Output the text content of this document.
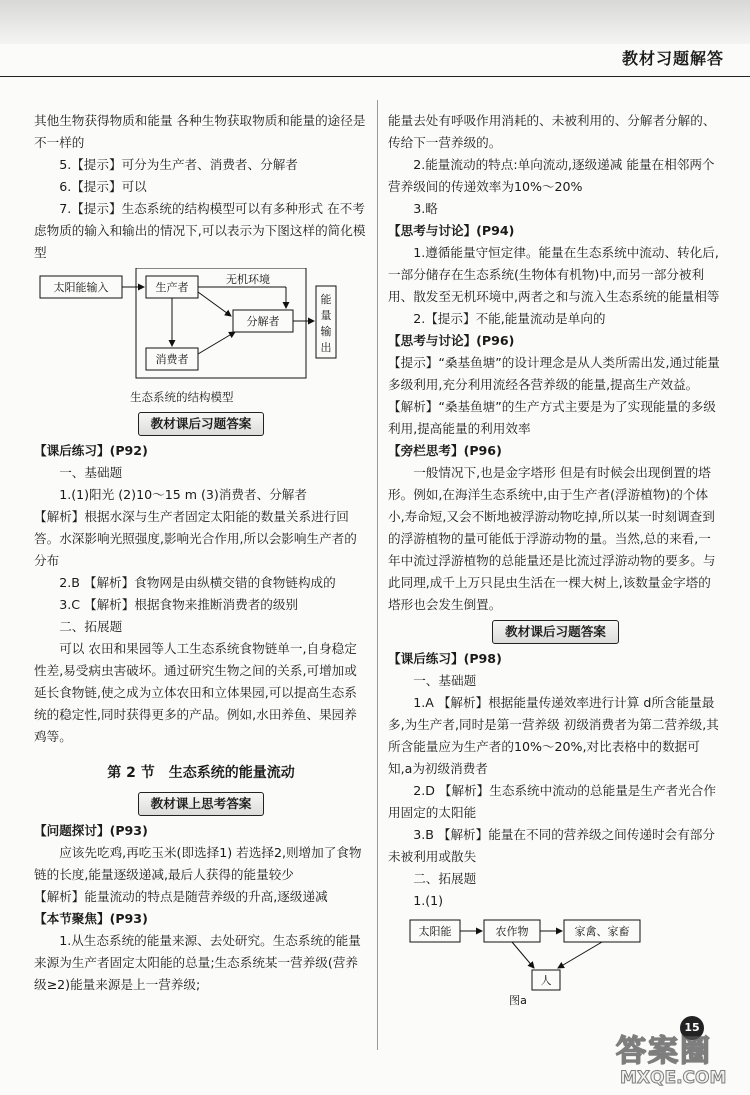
教材习题解答

其他生物获得物质和能量 各种生物获取物质和能量的途径是不一样的

5.【提示】可分为生产者、消费者、分解者

6.【提示】可以

7.【提示】生态系统的结构模型可以有多种形式 在不考虑物质的输入和输出的情况下,可以表示为下图这样的简化模型

太阳能输入	生产者
无机环境
分解者
消费者
能
量
输
出

生态系统的结构模型

教材课后习题答案

【课后练习】(P92)

一、基础题

1.(1)阳光 (2)10～15 m (3)消费者、分解者

【解析】根据水深与生产者固定太阳能的数量关系进行回答。水深影响光照强度,影响光合作用,所以会影响生产者的分布

2.B 【解析】食物网是由纵横交错的食物链构成的

3.C 【解析】根据食物来推断消费者的级别

二、拓展题

可以 农田和果园等人工生态系统食物链单一,自身稳定性差,易受病虫害破坏。通过研究生物之间的关系,可增加或延长食物链,使之成为立体农田和立体果园,可以提高生态系统的稳定性,同时获得更多的产品。例如,水田养鱼、果园养鸡等。

第 2 节　生态系统的能量流动

教材课上思考答案

【问题探讨】(P93)

应该先吃鸡,再吃玉米(即选择1) 若选择2,则增加了食物链的长度,能量逐级递减,最后人获得的能量较少

【解析】能量流动的特点是随营养级的升高,逐级递减

【本节聚焦】(P93)

1.从生态系统的能量来源、去处研究。生态系统的能量来源为生产者固定太阳能的总量;生态系统某一营养级(营养级≥2)能量来源是上一营养级;

能量去处有呼吸作用消耗的、未被利用的、分解者分解的、传给下一营养级的。

2.能量流动的特点:单向流动,逐级递减 能量在相邻两个营养级间的传递效率为10%～20%

3.略

【思考与讨论】(P94)

1.遵循能量守恒定律。能量在生态系统中流动、转化后,一部分储存在生态系统(生物体有机物)中,而另一部分被利用、散发至无机环境中,两者之和与流入生态系统的能量相等

2.【提示】不能,能量流动是单向的

【思考与讨论】(P96)

【提示】“桑基鱼塘”的设计理念是从人类所需出发,通过能量多级利用,充分利用流经各营养级的能量,提高生产效益。

【解析】“桑基鱼塘”的生产方式主要是为了实现能量的多级利用,提高能量的利用效率

【旁栏思考】(P96)

一般情况下,也是金字塔形 但是有时候会出现倒置的塔形。例如,在海洋生态系统中,由于生产者(浮游植物)的个体小,寿命短,又会不断地被浮游动物吃掉,所以某一时刻调查到的浮游植物的量可能低于浮游动物的量。当然,总的来看,一年中流过浮游植物的总能量还是比流过浮游动物的要多。与此同理,成千上万只昆虫生活在一棵大树上,该数量金字塔的塔形也会发生倒置。

教材课后习题答案

【课后练习】(P98)

一、基础题

1.A 【解析】根据能量传递效率进行计算 d所含能量最多,为生产者,同时是第一营养级 初级消费者为第二营养级,其所含能量应为生产者的10%～20%,对比表格中的数据可知,a为初级消费者

2.D 【解析】生态系统中流动的总能量是生产者光合作用固定的太阳能

3.B 【解析】能量在不同的营养级之间传递时会有部分未被利用或散失

二、拓展题

1.(1)

太阳能	农作物	家禽、家畜
人
图a
15
答案圈
MXQE.COM
